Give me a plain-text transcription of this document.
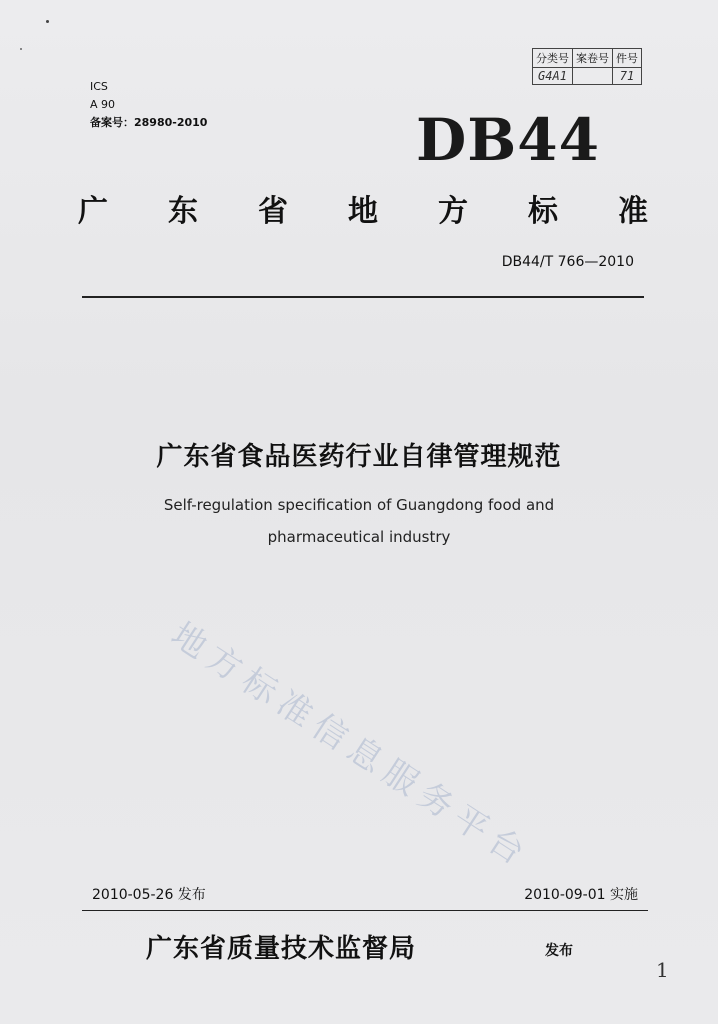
分类号	案卷号	件号
G4A1		71
ICS
A 90
备案号：28980-2010	DB44
广 东 省 地 方 标 准
DB44/T 766—2010
广东省食品医药行业自律管理规范
Self-regulation specification of Guangdong food and
pharmaceutical industry
地方标准信息服务平台
2010-05-26 发布	2010-09-01 实施
广东省质量技术监督局	发布
1
